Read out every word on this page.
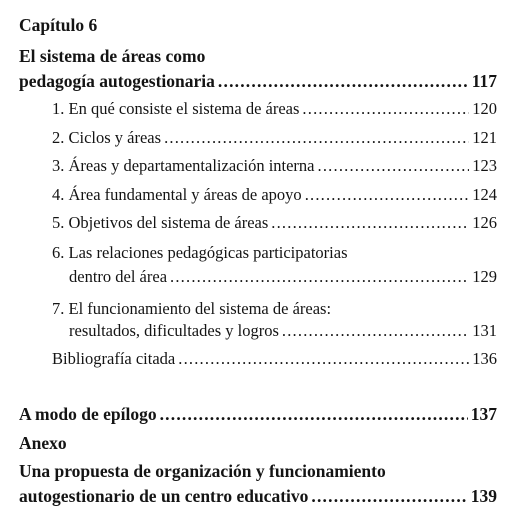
Capítulo 6
El sistema de áreas como
pedagogía autogestionaria .....	117
1. En qué consiste el sistema de áreas .....	120
2. Ciclos y áreas .....	121
3. Áreas y departamentalización interna .....	123
4. Área fundamental y áreas de apoyo .....	124
5. Objetivos del sistema de áreas .....	126
6. Las relaciones pedagógicas participatorias
dentro del área .....	129
7. El funcionamiento del sistema de áreas:
resultados, dificultades y logros .....	131
Bibliografía citada .....	136
A modo de epílogo .....	137
Anexo
Una propuesta de organización y funcionamiento
autogestionario de un centro educativo .....	139
